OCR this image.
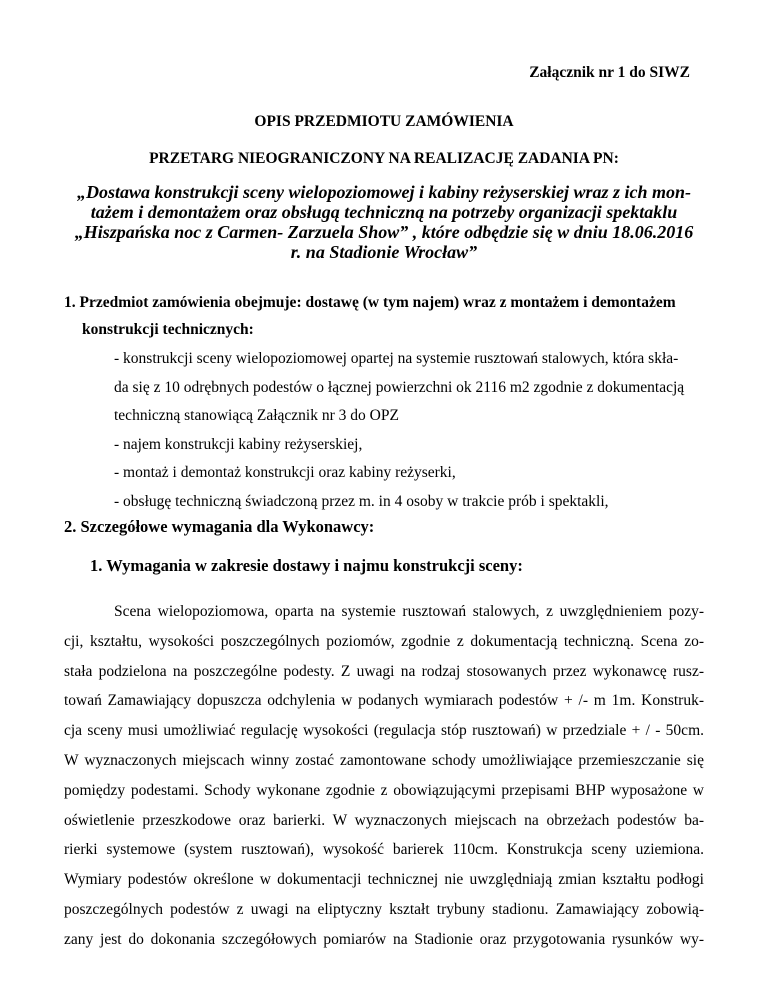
Załącznik nr 1 do SIWZ
OPIS PRZEDMIOTU ZAMÓWIENIA
PRZETARG NIEOGRANICZONY NA REALIZACJĘ ZADANIA PN:
„Dostawa konstrukcji sceny wielopoziomowej i kabiny reżyserskiej wraz z ich mon-
tażem i demontażem oraz obsługą techniczną na potrzeby organizacji spektaklu
„Hiszpańska noc z Carmen- Zarzuela Show” , które odbędzie się w dniu 18.06.2016
r. na Stadionie Wrocław”
1. Przedmiot zamówienia obejmuje: dostawę (w tym najem) wraz z montażem i demontażem
konstrukcji technicznych:
- konstrukcji sceny wielopoziomowej opartej na systemie rusztowań stalowych, która skła-
da się z 10 odrębnych podestów o łącznej powierzchni ok 2116 m2 zgodnie z dokumentacją
techniczną stanowiącą Załącznik nr 3 do OPZ
- najem konstrukcji kabiny reżyserskiej,
- montaż i demontaż konstrukcji oraz kabiny reżyserki,
- obsługę techniczną świadczoną przez m. in 4 osoby w trakcie prób i spektakli,
2. Szczegółowe wymagania dla Wykonawcy:
1. Wymagania w zakresie dostawy i najmu konstrukcji sceny:
Scena wielopoziomowa, oparta na systemie rusztowań stalowych, z uwzględnieniem pozy-
cji, kształtu, wysokości poszczególnych poziomów, zgodnie z dokumentacją techniczną. Scena zo-
stała podzielona na poszczególne podesty. Z uwagi na rodzaj stosowanych przez wykonawcę rusz-
towań Zamawiający dopuszcza odchylenia w podanych wymiarach podestów + /- m 1m. Konstruk-
cja sceny musi umożliwiać regulację wysokości (regulacja stóp rusztowań) w przedziale + / - 50cm.
W wyznaczonych miejscach winny zostać zamontowane schody umożliwiające przemieszczanie się
pomiędzy podestami. Schody wykonane zgodnie z obowiązującymi przepisami BHP wyposażone w
oświetlenie przeszkodowe oraz barierki. W wyznaczonych miejscach na obrzeżach podestów ba-
rierki systemowe (system rusztowań), wysokość barierek 110cm. Konstrukcja sceny uziemiona.
Wymiary podestów określone w dokumentacji technicznej nie uwzględniają zmian kształtu podłogi
poszczególnych podestów z uwagi na eliptyczny kształt trybuny stadionu. Zamawiający zobowią-
zany jest do dokonania szczegółowych pomiarów na Stadionie oraz przygotowania rysunków wy-
